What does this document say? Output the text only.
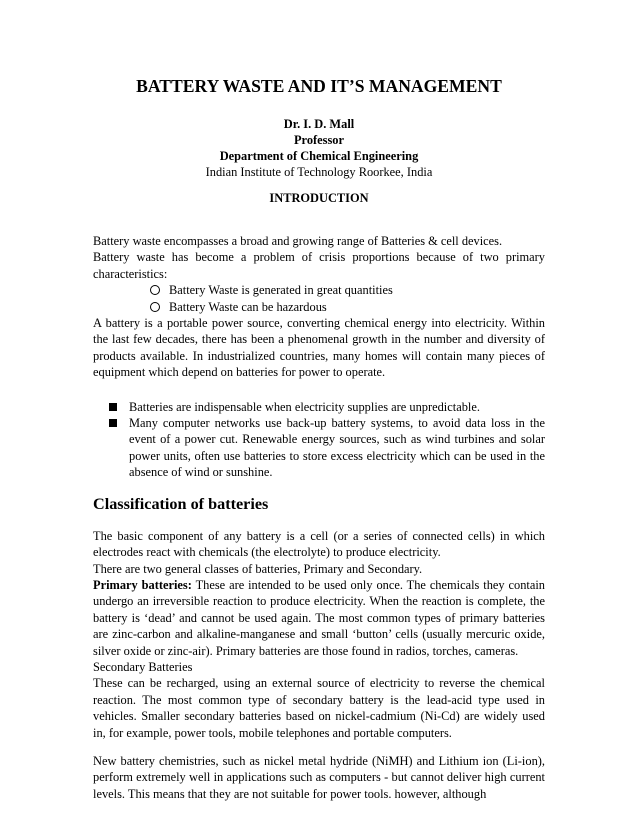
BATTERY WASTE AND IT’S MANAGEMENT
Dr. I. D. Mall
Professor
Department of Chemical Engineering
Indian Institute of Technology Roorkee, India
INTRODUCTION

Battery waste encompasses a broad and growing range of Batteries & cell devices.

Battery waste has become a problem of crisis proportions because of two primary characteristics:

Battery Waste is generated in great quantities
Battery Waste can be hazardous

A battery is a portable power source, converting chemical energy into electricity. Within the last few decades, there has been a phenomenal growth in the number and diversity of products available. In industrialized countries, many homes will contain many pieces of equipment which depend on batteries for power to operate.

Batteries are indispensable when electricity supplies are unpredictable.
Many computer networks use back-up battery systems, to avoid data loss in the event of a power cut. Renewable energy sources, such as wind turbines and solar power units, often use batteries to store excess electricity which can be used in the absence of wind or sunshine.
Classification of batteries

The basic component of any battery is a cell (or a series of connected cells) in which electrodes react with chemicals (the electrolyte) to produce electricity.

There are two general classes of batteries, Primary and Secondary.

Primary batteries: These are intended to be used only once. The chemicals they contain undergo an irreversible reaction to produce electricity. When the reaction is complete, the battery is ‘dead’ and cannot be used again. The most common types of primary batteries are zinc-carbon and alkaline-manganese and small ‘button’ cells (usually mercuric oxide, silver oxide or zinc-air). Primary batteries are those found in radios, torches, cameras.

Secondary Batteries

These can be recharged, using an external source of electricity to reverse the chemical reaction. The most common type of secondary battery is the lead-acid type used in vehicles. Smaller secondary batteries based on nickel-cadmium (Ni-Cd) are widely used in, for example, power tools, mobile telephones and portable computers.

New battery chemistries, such as nickel metal hydride (NiMH) and Lithium ion (Li-ion), perform extremely well in applications such as computers - but cannot deliver high current levels. This means that they are not suitable for power tools. however, although
